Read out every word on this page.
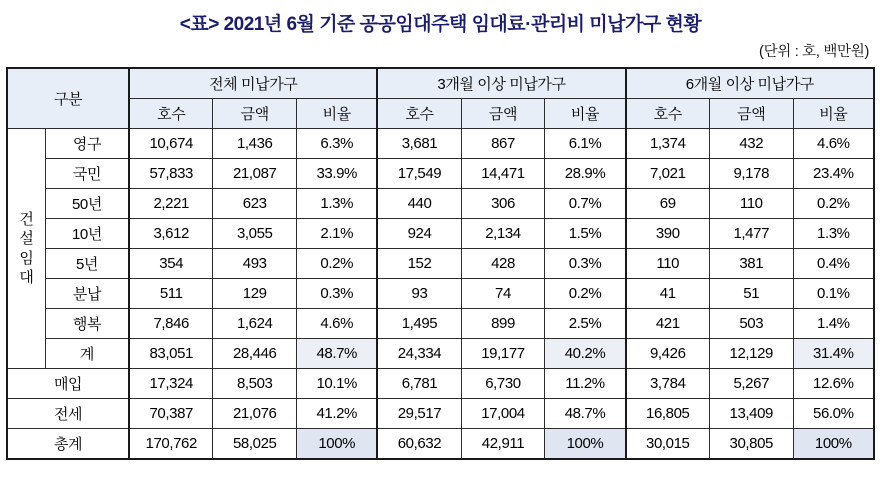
<표> 2021년 6월 기준 공공임대주택 임대료·관리비 미납가구 현황
(단위 : 호, 백만원)
구분		전체 미납가구			3개월 이상 미납가구			6개월 이상 미납가구		
		호수	금액	비율	호수	금액	비율	호수	금액	비율

건
설
임
대	영구	10,674	1,436	6.3%	3,681	867	6.1%	1,374	432	4.6%
	국민	57,833	21,087	33.9%	17,549	14,471	28.9%	7,021	9,178	23.4%
	50년	2,221	623	1.3%	440	306	0.7%	69	110	0.2%
	10년	3,612	3,055	2.1%	924	2,134	1.5%	390	1,477	1.3%
	5년	354	493	0.2%	152	428	0.3%	110	381	0.4%
	분납	511	129	0.3%	93	74	0.2%	41	51	0.1%
	행복	7,846	1,624	4.6%	1,495	899	2.5%	421	503	1.4%
	계	83,051	28,446	48.7%	24,334	19,177	40.2%	9,426	12,129	31.4%
매입		17,324	8,503	10.1%	6,781	6,730	11.2%	3,784	5,267	12.6%
전세		70,387	21,076	41.2%	29,517	17,004	48.7%	16,805	13,409	56.0%
총계		170,762	58,025	100%	60,632	42,911	100%	30,015	30,805	100%
